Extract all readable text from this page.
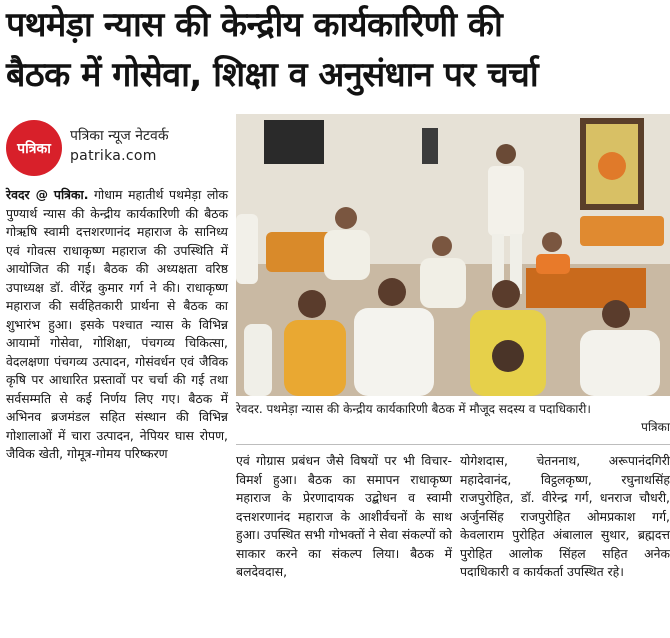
पथमेड़ा न्यास की केन्द्रीय कार्यकारिणी की
बैठक में गोसेवा, शिक्षा व अनुसंधान पर चर्चा
पत्रिका
पत्रिका न्यूज नेटवर्क
patrika.com
रेवदर @ पत्रिका. गोधाम महातीर्थ पथमेड़ा लोक पुण्यार्थ न्यास की केन्द्रीय कार्यकारिणी की बैठक गोऋषि स्वामी दत्तशरणानंद महाराज के सानिध्य एवं गोवत्स राधाकृष्ण महाराज की उपस्थिति में आयोजित की गई। बैठक की अध्यक्षता वरिष्ठ उपाध्यक्ष डॉ. वीरेंद्र कुमार गर्ग ने की। राधाकृष्ण महाराज की सर्वहितकारी प्रार्थना से बैठक का शुभारंभ हुआ। इसके पश्चात न्यास के विभिन्न आयामों गोसेवा, गोशिक्षा, पंचगव्य चिकित्सा, वेदलक्षणा पंचगव्य उत्पादन, गोसंवर्धन एवं जैविक कृषि पर आधारित प्रस्तावों पर चर्चा की गई तथा सर्वसम्मति से कई निर्णय लिए गए। बैठक में अभिनव ब्रजमंडल सहित संस्थान की विभिन्न गोशालाओं में चारा उत्पादन, नेपियर घास रोपण, जैविक खेती, गोमूत्र-गोमय परिष्करण
रेवदर. पथमेड़ा न्यास की केन्द्रीय कार्यकारिणी बैठक में मौजूद सदस्य व पदाधिकारी।
पत्रिका
एवं गोग्रास प्रबंधन जैसे विषयों पर भी विचार-विमर्श हुआ। बैठक का समापन राधाकृष्ण महाराज के प्रेरणादायक उद्बोधन व स्वामी दत्तशरणानंद महाराज के आशीर्वचनों के साथ हुआ। उपस्थित सभी गोभक्तों ने सेवा संकल्पों को साकार करने का संकल्प लिया। बैठक में बलदेवदास,
योगेशदास, चेतननाथ, अरूपानंदगिरी महादेवानंद, विट्ठलकृष्ण, रघुनाथसिंह राजपुरोहित, डॉ. वीरेन्द्र गर्ग, धनराज चौधरी, अर्जुनसिंह राजपुरोहित ओमप्रकाश गर्ग, केवलाराम पुरोहित अंबालाल सुथार, ब्रह्मदत्त पुरोहित आलोक सिंहल सहित अनेक पदाधिकारी व कार्यकर्ता उपस्थित रहे।
